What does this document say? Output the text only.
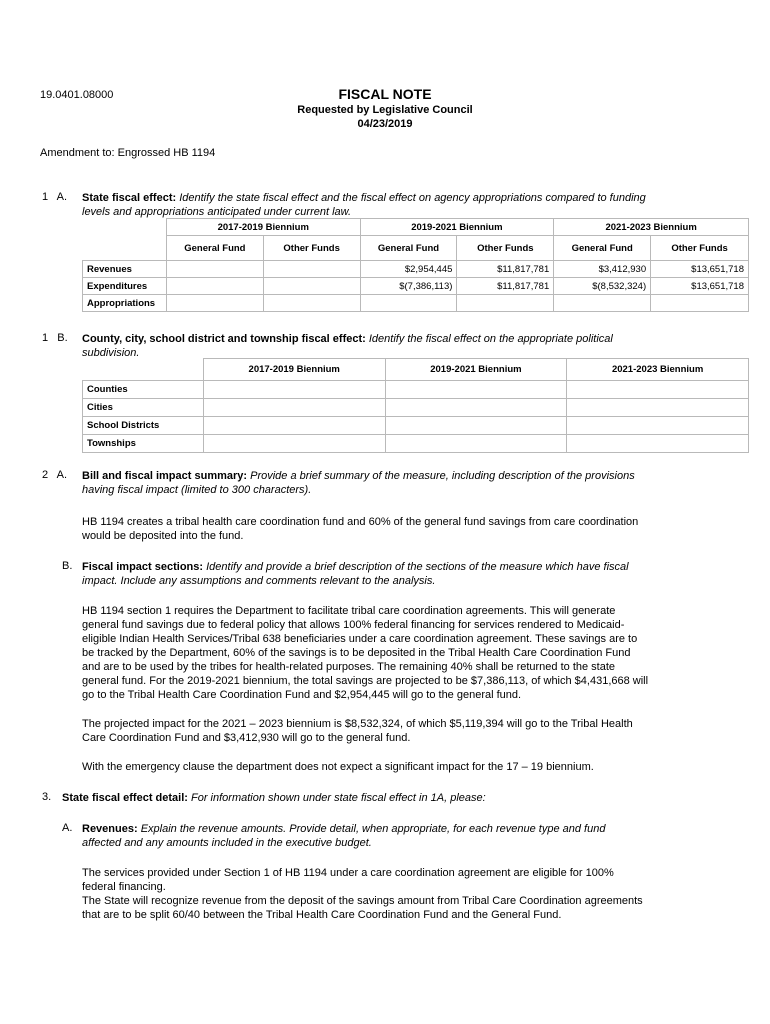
19.0401.08000	FISCAL NOTE
Requested by Legislative Council
04/23/2019
Amendment to: Engrossed HB 1194
1   A. State fiscal effect: Identify the state fiscal effect and the fiscal effect on agency appropriations compared to funding
levels and appropriations anticipated under current law.
	2017-2019 Biennium		2019-2021 Biennium		2021-2023 Biennium	
	General Fund	Other Funds	General Fund	Other Funds	General Fund	Other Funds
Revenues			$2,954,445	$11,817,781	$3,412,930	$13,651,718
Expenditures			$(7,386,113)	$11,817,781	$(8,532,324)	$13,651,718
Appropriations						
1   B. County, city, school district and township fiscal effect: Identify the fiscal effect on the appropriate political
subdivision.
	2017-2019 Biennium	2019-2021 Biennium	2021-2023 Biennium
Counties			
Cities			
School Districts			
Townships			
2   A. Bill and fiscal impact summary: Provide a brief summary of the measure, including description of the provisions
having fiscal impact (limited to 300 characters).
HB 1194 creates a tribal health care coordination fund and 60% of the general fund savings from care coordination
would be deposited into the fund.
B. Fiscal impact sections: Identify and provide a brief description of the sections of the measure which have fiscal
impact. Include any assumptions and comments relevant to the analysis.
HB 1194 section 1 requires the Department to facilitate tribal care coordination agreements. This will generate
general fund savings due to federal policy that allows 100% federal financing for services rendered to Medicaid-
eligible Indian Health Services/Tribal 638 beneficiaries under a care coordination agreement. These savings are to
be tracked by the Department, 60% of the savings is to be deposited in the Tribal Health Care Coordination Fund
and are to be used by the tribes for health-related purposes. The remaining 40% shall be returned to the state
general fund. For the 2019-2021 biennium, the total savings are projected to be $7,386,113, of which $4,431,668 will
go to the Tribal Health Care Coordination Fund and $2,954,445 will go to the general fund.
The projected impact for the 2021 – 2023 biennium is $8,532,324, of which $5,119,394 will go to the Tribal Health
Care Coordination Fund and $3,412,930 will go to the general fund.
With the emergency clause the department does not expect a significant impact for the 17 – 19 biennium.
3. State fiscal effect detail: For information shown under state fiscal effect in 1A, please:
A. Revenues: Explain the revenue amounts. Provide detail, when appropriate, for each revenue type and fund
affected and any amounts included in the executive budget.
The services provided under Section 1 of HB 1194 under a care coordination agreement are eligible for 100%
federal financing.
The State will recognize revenue from the deposit of the savings amount from Tribal Care Coordination agreements
that are to be split 60/40 between the Tribal Health Care Coordination Fund and the General Fund.
